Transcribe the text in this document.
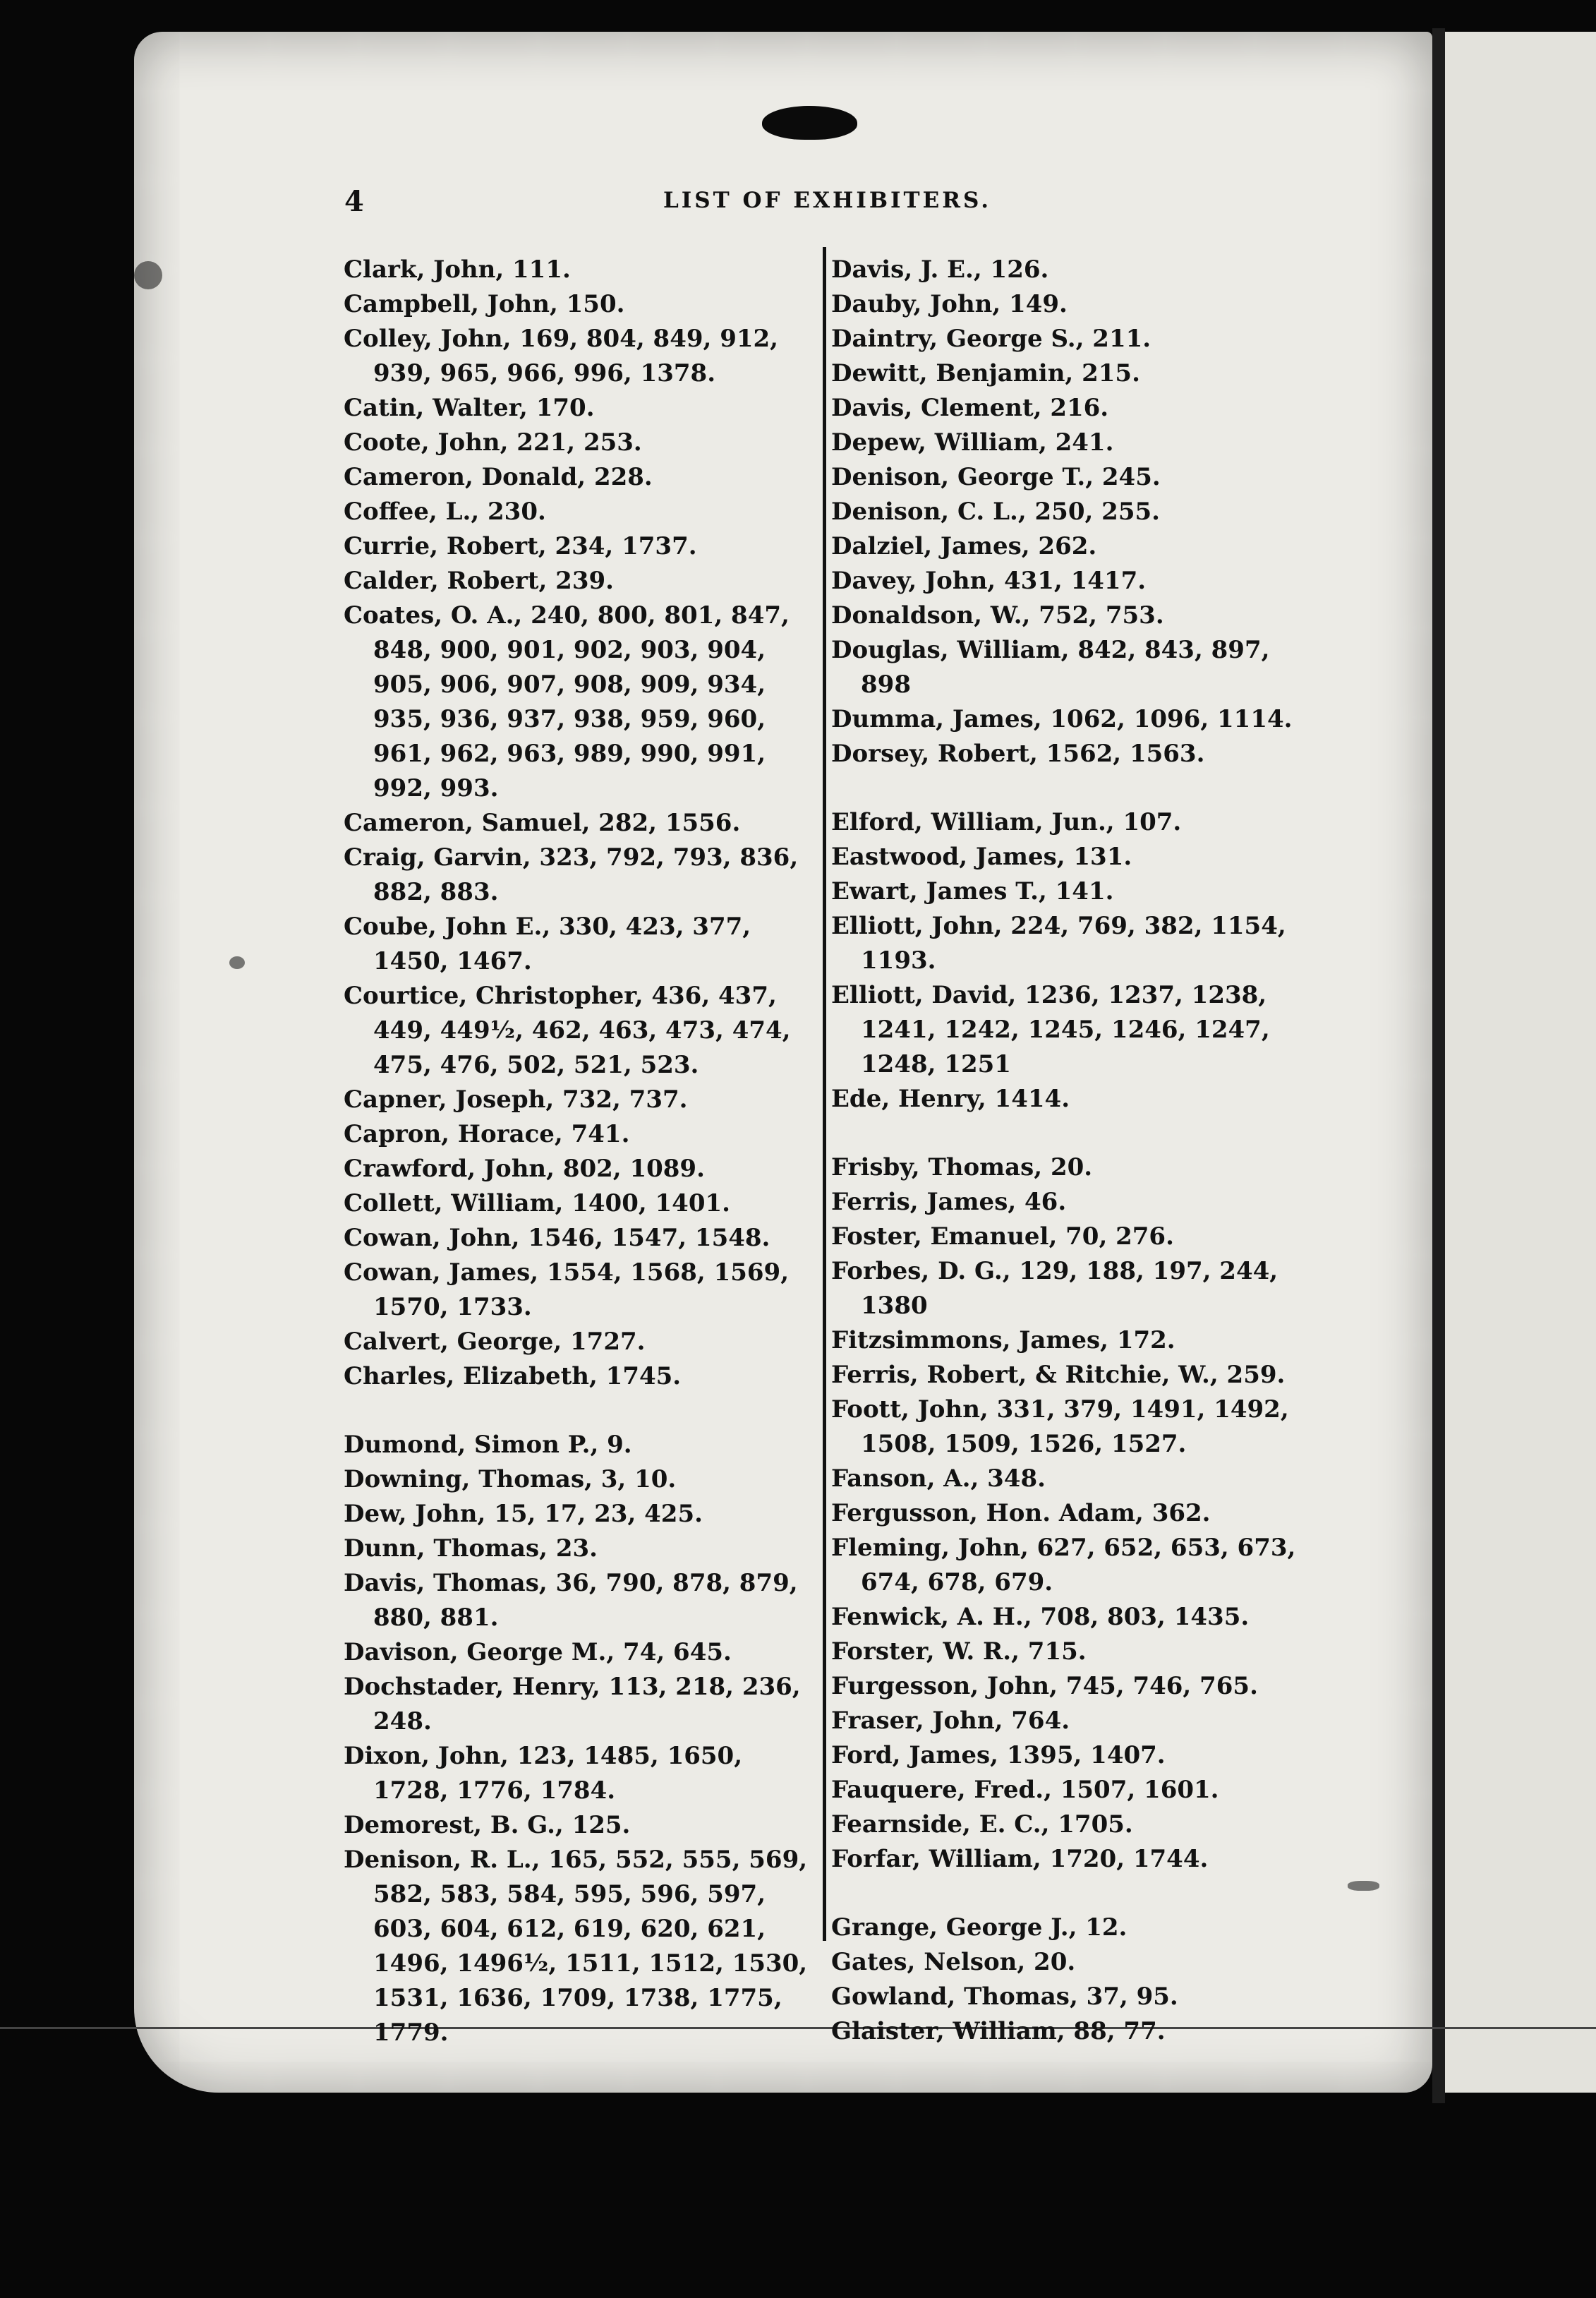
4	LIST OF EXHIBITERS.
Clark, John, 111.
Campbell, John, 150.
Colley, John, 169, 804, 849, 912, 939, 965, 966, 996, 1378.
Catin, Walter, 170.
Coote, John, 221, 253.
Cameron, Donald, 228.
Coffee, L., 230.
Currie, Robert, 234, 1737.
Calder, Robert, 239.
Coates, O. A., 240, 800, 801, 847, 848, 900, 901, 902, 903, 904, 905, 906, 907, 908, 909, 934, 935, 936, 937, 938, 959, 960, 961, 962, 963, 989, 990, 991, 992, 993.
Cameron, Samuel, 282, 1556.
Craig, Garvin, 323, 792, 793, 836, 882, 883.
Coube, John E., 330, 423, 377, 1450, 1467.
Courtice, Christopher, 436, 437, 449, 449½, 462, 463, 473, 474, 475, 476, 502, 521, 523.
Capner, Joseph, 732, 737.
Capron, Horace, 741.
Crawford, John, 802, 1089.
Collett, William, 1400, 1401.
Cowan, John, 1546, 1547, 1548.
Cowan, James, 1554, 1568, 1569, 1570, 1733.
Calvert, George, 1727.
Charles, Elizabeth, 1745.
Dumond, Simon P., 9.
Downing, Thomas, 3, 10.
Dew, John, 15, 17, 23, 425.
Dunn, Thomas, 23.
Davis, Thomas, 36, 790, 878, 879, 880, 881.
Davison, George M., 74, 645.
Dochstader, Henry, 113, 218, 236, 248.
Dixon, John, 123, 1485, 1650, 1728, 1776, 1784.
Demorest, B. G., 125.
Denison, R. L., 165, 552, 555, 569, 582, 583, 584, 595, 596, 597, 603, 604, 612, 619, 620, 621, 1496, 1496½, 1511, 1512, 1530, 1531, 1636, 1709, 1738, 1775, 1779.
Davis, J. E., 126.
Dauby, John, 149.
Daintry, George S., 211.
Dewitt, Benjamin, 215.
Davis, Clement, 216.
Depew, William, 241.
Denison, George T., 245.
Denison, C. L., 250, 255.
Dalziel, James, 262.
Davey, John, 431, 1417.
Donaldson, W., 752, 753.
Douglas, William, 842, 843, 897, 898
Dumma, James, 1062, 1096, 1114.
Dorsey, Robert, 1562, 1563.
Elford, William, Jun., 107.
Eastwood, James, 131.
Ewart, James T., 141.
Elliott, John, 224, 769, 382, 1154, 1193.
Elliott, David, 1236, 1237, 1238, 1241, 1242, 1245, 1246, 1247, 1248, 1251
Ede, Henry, 1414.
Frisby, Thomas, 20.
Ferris, James, 46.
Foster, Emanuel, 70, 276.
Forbes, D. G., 129, 188, 197, 244, 1380
Fitzsimmons, James, 172.
Ferris, Robert, & Ritchie, W., 259.
Foott, John, 331, 379, 1491, 1492, 1508, 1509, 1526, 1527.
Fanson, A., 348.
Fergusson, Hon. Adam, 362.
Fleming, John, 627, 652, 653, 673, 674, 678, 679.
Fenwick, A. H., 708, 803, 1435.
Forster, W. R., 715.
Furgesson, John, 745, 746, 765.
Fraser, John, 764.
Ford, James, 1395, 1407.
Fauquere, Fred., 1507, 1601.
Fearnside, E. C., 1705.
Forfar, William, 1720, 1744.
Grange, George J., 12.
Gates, Nelson, 20.
Gowland, Thomas, 37, 95.
Glaister, William, 88, 77.
